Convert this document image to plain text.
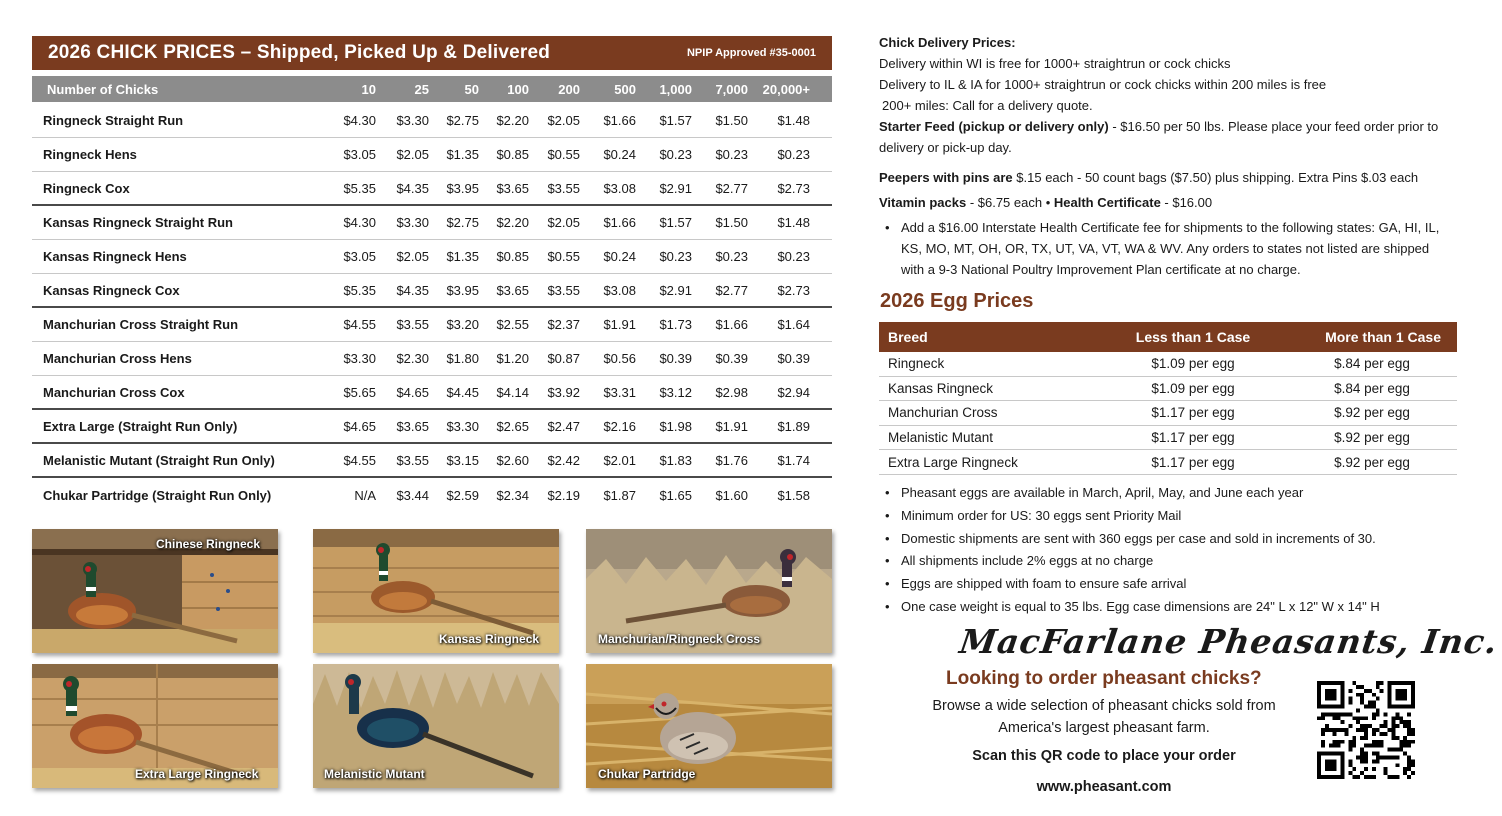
2026 CHICK PRICES – Shipped, Picked Up & Delivered	NPIP Approved #35-0001
Number of Chicks	10	25	50	100	200	500	1,000	7,000	20,000+
Ringneck Straight Run	$4.30	$3.30	$2.75	$2.20	$2.05	$1.66	$1.57	$1.50	$1.48
Ringneck Hens	$3.05	$2.05	$1.35	$0.85	$0.55	$0.24	$0.23	$0.23	$0.23
Ringneck Cox	$5.35	$4.35	$3.95	$3.65	$3.55	$3.08	$2.91	$2.77	$2.73
Kansas Ringneck Straight Run	$4.30	$3.30	$2.75	$2.20	$2.05	$1.66	$1.57	$1.50	$1.48
Kansas Ringneck Hens	$3.05	$2.05	$1.35	$0.85	$0.55	$0.24	$0.23	$0.23	$0.23
Kansas Ringneck Cox	$5.35	$4.35	$3.95	$3.65	$3.55	$3.08	$2.91	$2.77	$2.73
Manchurian Cross Straight Run	$4.55	$3.55	$3.20	$2.55	$2.37	$1.91	$1.73	$1.66	$1.64
Manchurian Cross Hens	$3.30	$2.30	$1.80	$1.20	$0.87	$0.56	$0.39	$0.39	$0.39
Manchurian Cross Cox	$5.65	$4.65	$4.45	$4.14	$3.92	$3.31	$3.12	$2.98	$2.94
Extra Large (Straight Run Only)	$4.65	$3.65	$3.30	$2.65	$2.47	$2.16	$1.98	$1.91	$1.89
Melanistic Mutant (Straight Run Only)	$4.55	$3.55	$3.15	$2.60	$2.42	$2.01	$1.83	$1.76	$1.74
Chukar Partridge (Straight Run Only)	N/A	$3.44	$2.59	$2.34	$2.19	$1.87	$1.65	$1.60	$1.58
Chinese Ringneck
Kansas Ringneck	Manchurian/Ringneck Cross
Extra Large Ringneck	Melanistic Mutant	Chukar Partridge
Chick Delivery Prices:
Delivery within WI is free for 1000+ straightrun or cock chicks
Delivery to IL & IA for 1000+ straightrun or cock chicks within 200 miles is free
200+ miles: Call for a delivery quote.
Starter Feed (pickup or delivery only) - $16.50 per 50 lbs. Please place your feed order prior to
delivery or pick-up day.
Peepers with pins are $.15 each - 50 count bags ($7.50) plus shipping. Extra Pins $.03 each
Vitamin packs - $6.75 each • Health Certificate - $16.00
• Add a $16.00 Interstate Health Certificate fee for shipments to the following states: GA, HI, IL,
KS, MO, MT, OH, OR, TX, UT, VA, VT, WA & WV. Any orders to states not listed are shipped
with a 9-3 National Poultry Improvement Plan certificate at no charge.
2026 Egg Prices
Breed	Less than 1 Case	More than 1 Case
Ringneck	$1.09 per egg	$.84 per egg
Kansas Ringneck	$1.09 per egg	$.84 per egg
Manchurian Cross	$1.17 per egg	$.92 per egg
Melanistic Mutant	$1.17 per egg	$.92 per egg
Extra Large Ringneck	$1.17 per egg	$.92 per egg
• Pheasant eggs are available in March, April, May, and June each year
• Minimum order for US: 30 eggs sent Priority Mail
• Domestic shipments are sent with 360 eggs per case and sold in increments of 30.
• All shipments include 2% eggs at no charge
• Eggs are shipped with foam to ensure safe arrival
• One case weight is equal to 35 lbs. Egg case dimensions are 24" L x 12" W x 14" H
MacFarlane Pheasants, Inc.
Looking to order pheasant chicks?
Browse a wide selection of pheasant chicks sold from
America's largest pheasant farm.
Scan this QR code to place your order
www.pheasant.com
